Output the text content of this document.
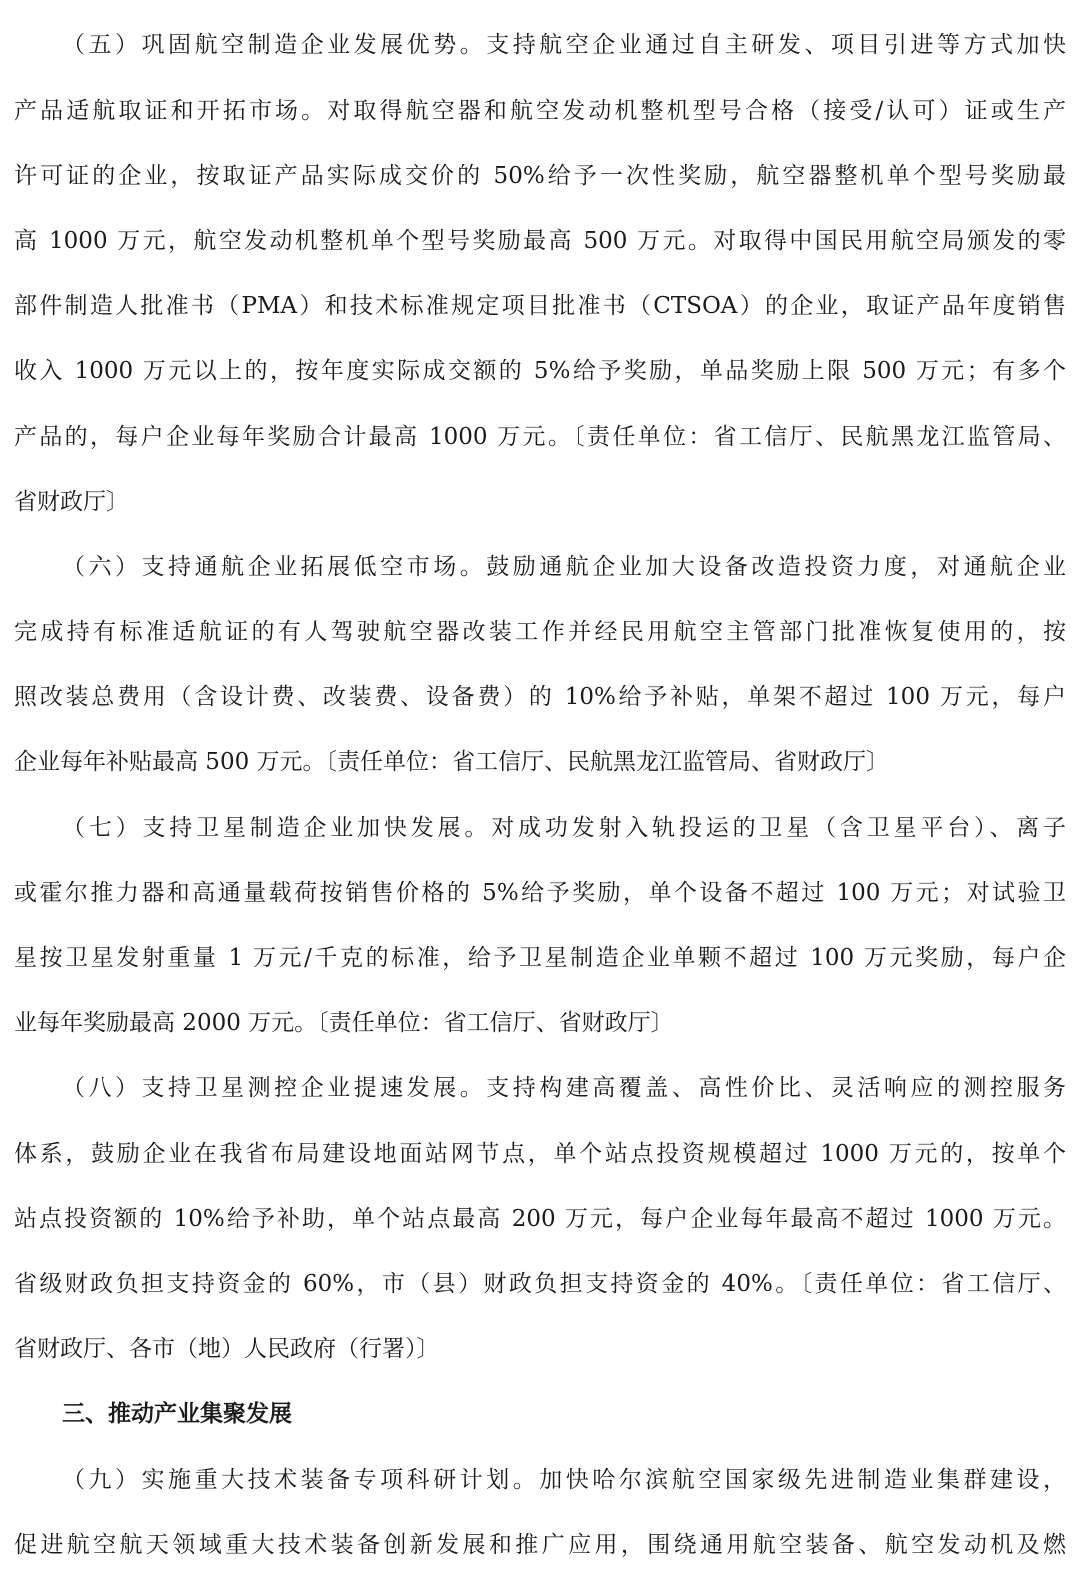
（五）巩固航空制造企业发展优势。支持航空企业通过自主研发、项目引进等方式加快
产品适航取证和开拓市场。对取得航空器和航空发动机整机型号合格（接受/认可）证或生产
许可证的企业，按取证产品实际成交价的 50%给予一次性奖励，航空器整机单个型号奖励最
高 1000 万元，航空发动机整机单个型号奖励最高 500 万元。对取得中国民用航空局颁发的零
部件制造人批准书（PMA）和技术标准规定项目批准书（CTSOA）的企业，取证产品年度销售
收入 1000 万元以上的，按年度实际成交额的 5%给予奖励，单品奖励上限 500 万元；有多个
产品的，每户企业每年奖励合计最高 1000 万元。〔责任单位：省工信厅、民航黑龙江监管局、
省财政厅〕
（六）支持通航企业拓展低空市场。鼓励通航企业加大设备改造投资力度，对通航企业
完成持有标准适航证的有人驾驶航空器改装工作并经民用航空主管部门批准恢复使用的，按
照改装总费用（含设计费、改装费、设备费）的 10%给予补贴，单架不超过 100 万元，每户
企业每年补贴最高 500 万元。〔责任单位：省工信厅、民航黑龙江监管局、省财政厅〕
（七）支持卫星制造企业加快发展。对成功发射入轨投运的卫星（含卫星平台）、离子
或霍尔推力器和高通量载荷按销售价格的 5%给予奖励，单个设备不超过 100 万元；对试验卫
星按卫星发射重量 1 万元/千克的标准，给予卫星制造企业单颗不超过 100 万元奖励，每户企
业每年奖励最高 2000 万元。〔责任单位：省工信厅、省财政厅〕
（八）支持卫星测控企业提速发展。支持构建高覆盖、高性价比、灵活响应的测控服务
体系，鼓励企业在我省布局建设地面站网节点，单个站点投资规模超过 1000 万元的，按单个
站点投资额的 10%给予补助，单个站点最高 200 万元，每户企业每年最高不超过 1000 万元。
省级财政负担支持资金的 60%，市（县）财政负担支持资金的 40%。〔责任单位：省工信厅、
省财政厅、各市（地）人民政府（行署）〕
三、推动产业集聚发展
（九）实施重大技术装备专项科研计划。加快哈尔滨航空国家级先进制造业集群建设，
促进航空航天领域重大技术装备创新发展和推广应用，围绕通用航空装备、航空发动机及燃
